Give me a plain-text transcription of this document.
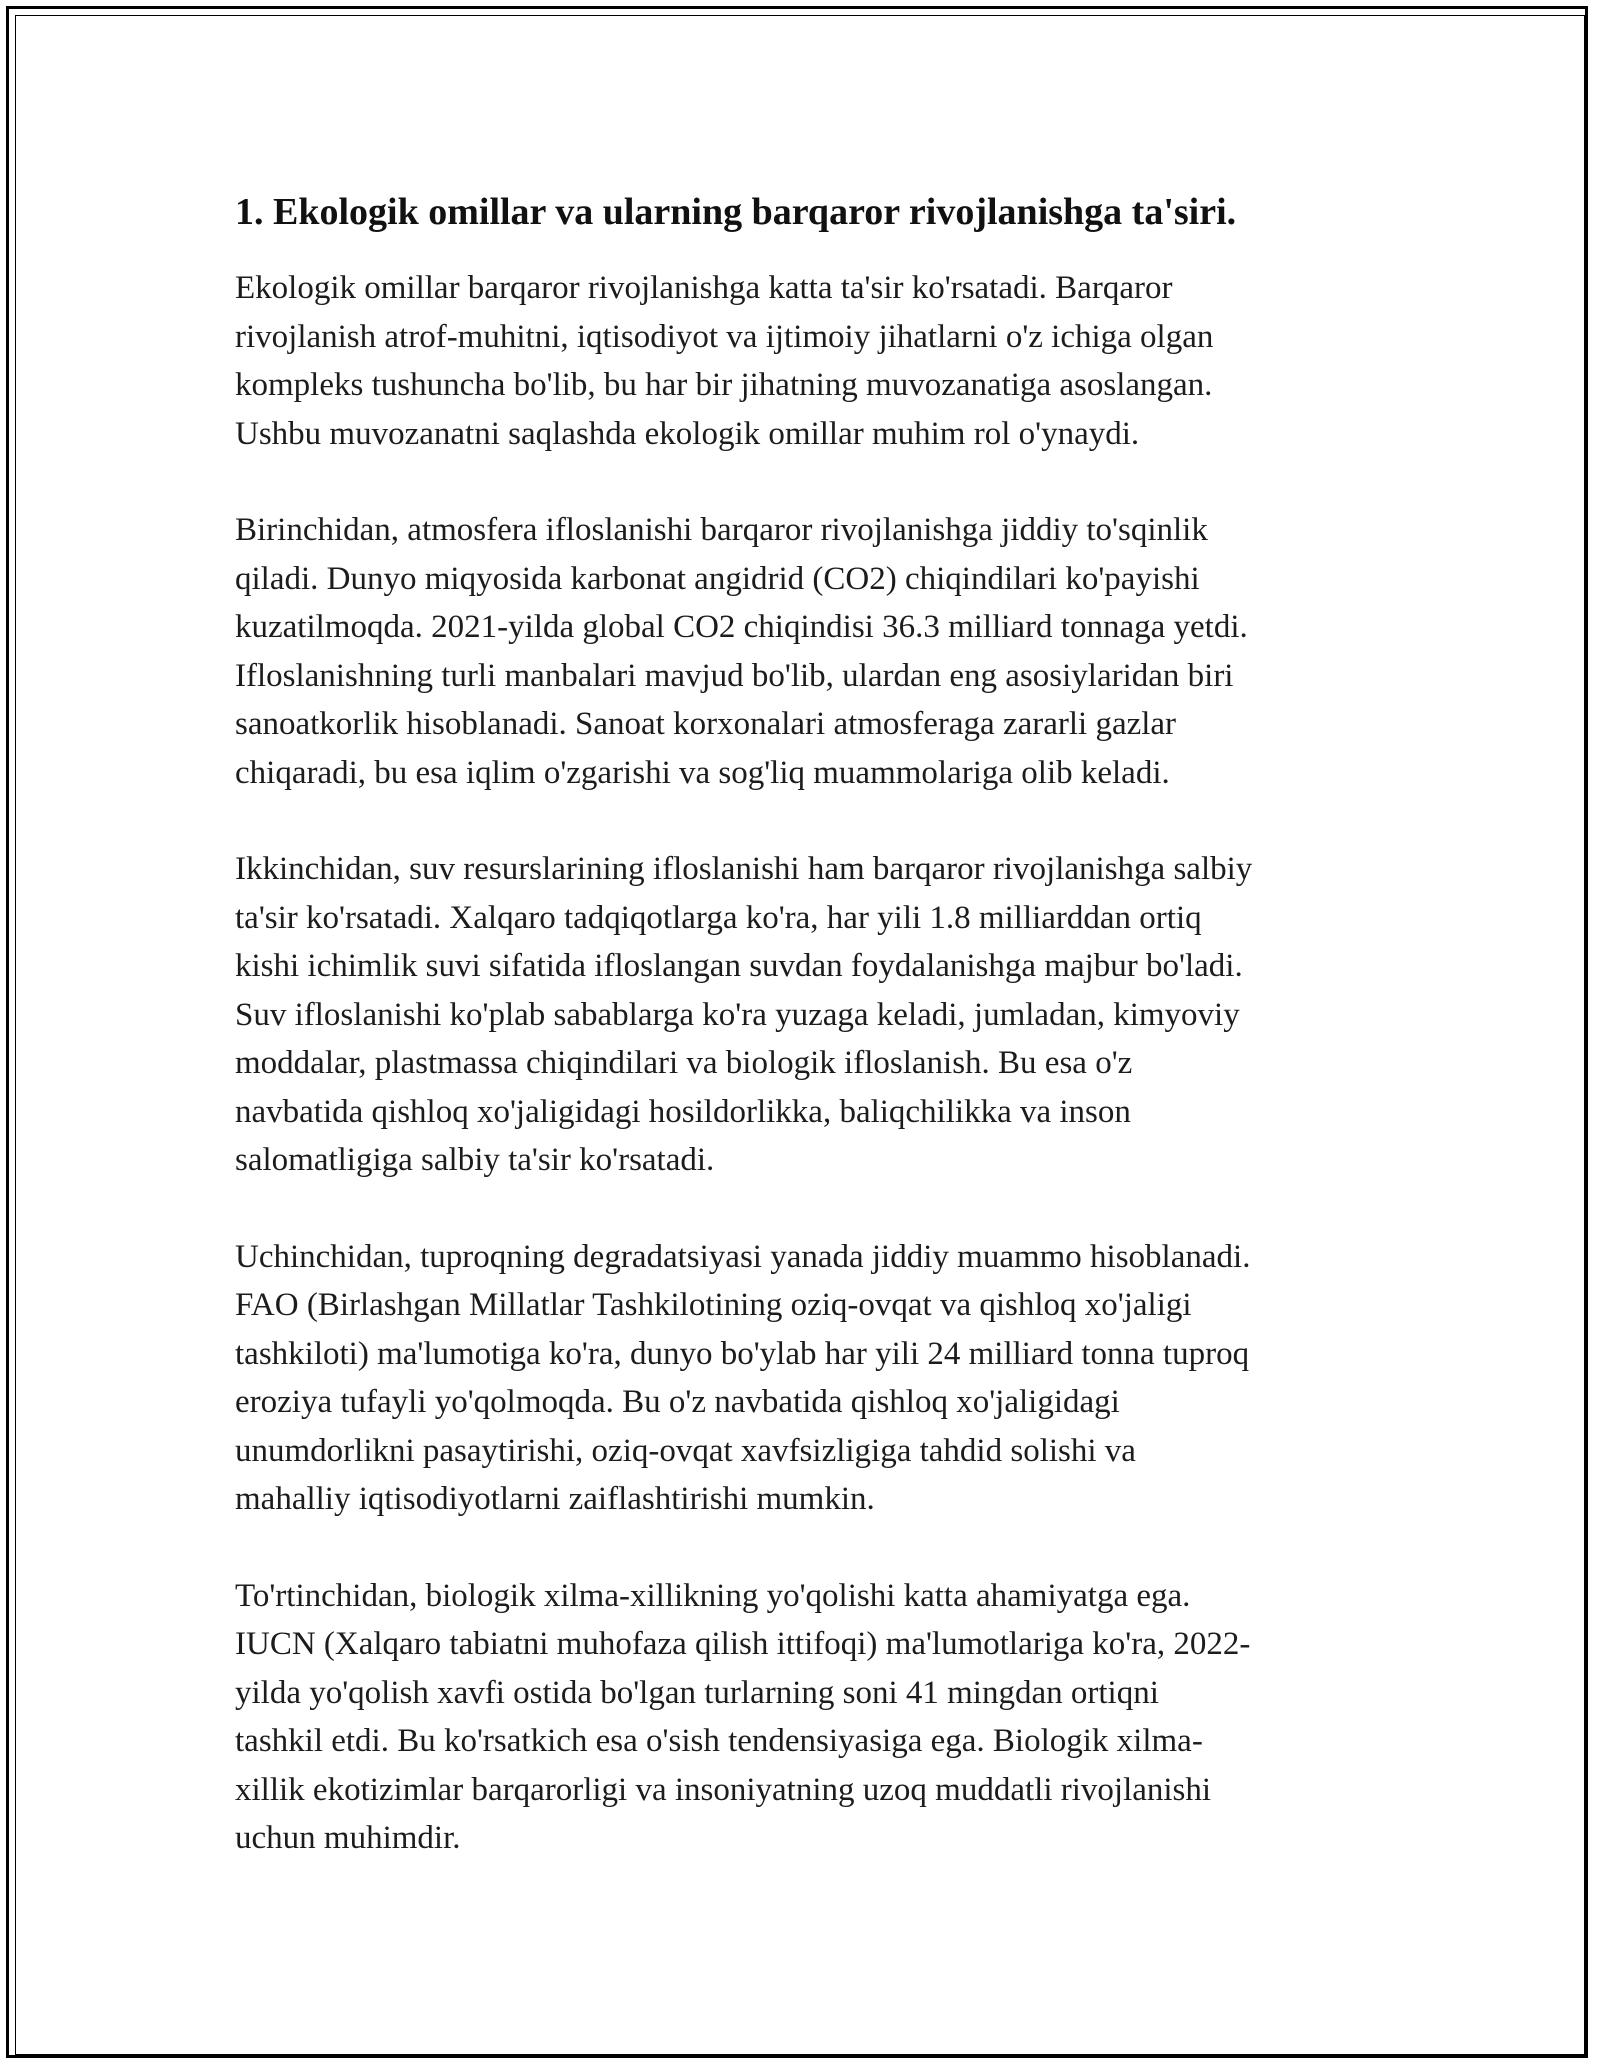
1. Ekologik omillar va ularning barqaror rivojlanishga ta'siri.
Ekologik omillar barqaror rivojlanishga katta ta'sir ko'rsatadi. Barqaror
rivojlanish atrof-muhitni, iqtisodiyot va ijtimoiy jihatlarni o'z ichiga olgan
kompleks tushuncha bo'lib, bu har bir jihatning muvozanatiga asoslangan.
Ushbu muvozanatni saqlashda ekologik omillar muhim rol o'ynaydi.
Birinchidan, atmosfera ifloslanishi barqaror rivojlanishga jiddiy to'sqinlik
qiladi. Dunyo miqyosida karbonat angidrid (CO2) chiqindilari ko'payishi
kuzatilmoqda. 2021-yilda global CO2 chiqindisi 36.3 milliard tonnaga yetdi.
Ifloslanishning turli manbalari mavjud bo'lib, ulardan eng asosiylaridan biri
sanoatkorlik hisoblanadi. Sanoat korxonalari atmosferaga zararli gazlar
chiqaradi, bu esa iqlim o'zgarishi va sog'liq muammolariga olib keladi.
Ikkinchidan, suv resurslarining ifloslanishi ham barqaror rivojlanishga salbiy
ta'sir ko'rsatadi. Xalqaro tadqiqotlarga ko'ra, har yili 1.8 milliarddan ortiq
kishi ichimlik suvi sifatida ifloslangan suvdan foydalanishga majbur bo'ladi.
Suv ifloslanishi ko'plab sabablarga ko'ra yuzaga keladi, jumladan, kimyoviy
moddalar, plastmassa chiqindilari va biologik ifloslanish. Bu esa o'z
navbatida qishloq xo'jaligidagi hosildorlikka, baliqchilikka va inson
salomatligiga salbiy ta'sir ko'rsatadi.
Uchinchidan, tuproqning degradatsiyasi yanada jiddiy muammo hisoblanadi.
FAO (Birlashgan Millatlar Tashkilotining oziq-ovqat va qishloq xo'jaligi
tashkiloti) ma'lumotiga ko'ra, dunyo bo'ylab har yili 24 milliard tonna tuproq
eroziya tufayli yo'qolmoqda. Bu o'z navbatida qishloq xo'jaligidagi
unumdorlikni pasaytirishi, oziq-ovqat xavfsizligiga tahdid solishi va
mahalliy iqtisodiyotlarni zaiflashtirishi mumkin.
To'rtinchidan, biologik xilma-xillikning yo'qolishi katta ahamiyatga ega.
IUCN (Xalqaro tabiatni muhofaza qilish ittifoqi) ma'lumotlariga ko'ra, 2022-
yilda yo'qolish xavfi ostida bo'lgan turlarning soni 41 mingdan ortiqni
tashkil etdi. Bu ko'rsatkich esa o'sish tendensiyasiga ega. Biologik xilma-
xillik ekotizimlar barqarorligi va insoniyatning uzoq muddatli rivojlanishi
uchun muhimdir.
